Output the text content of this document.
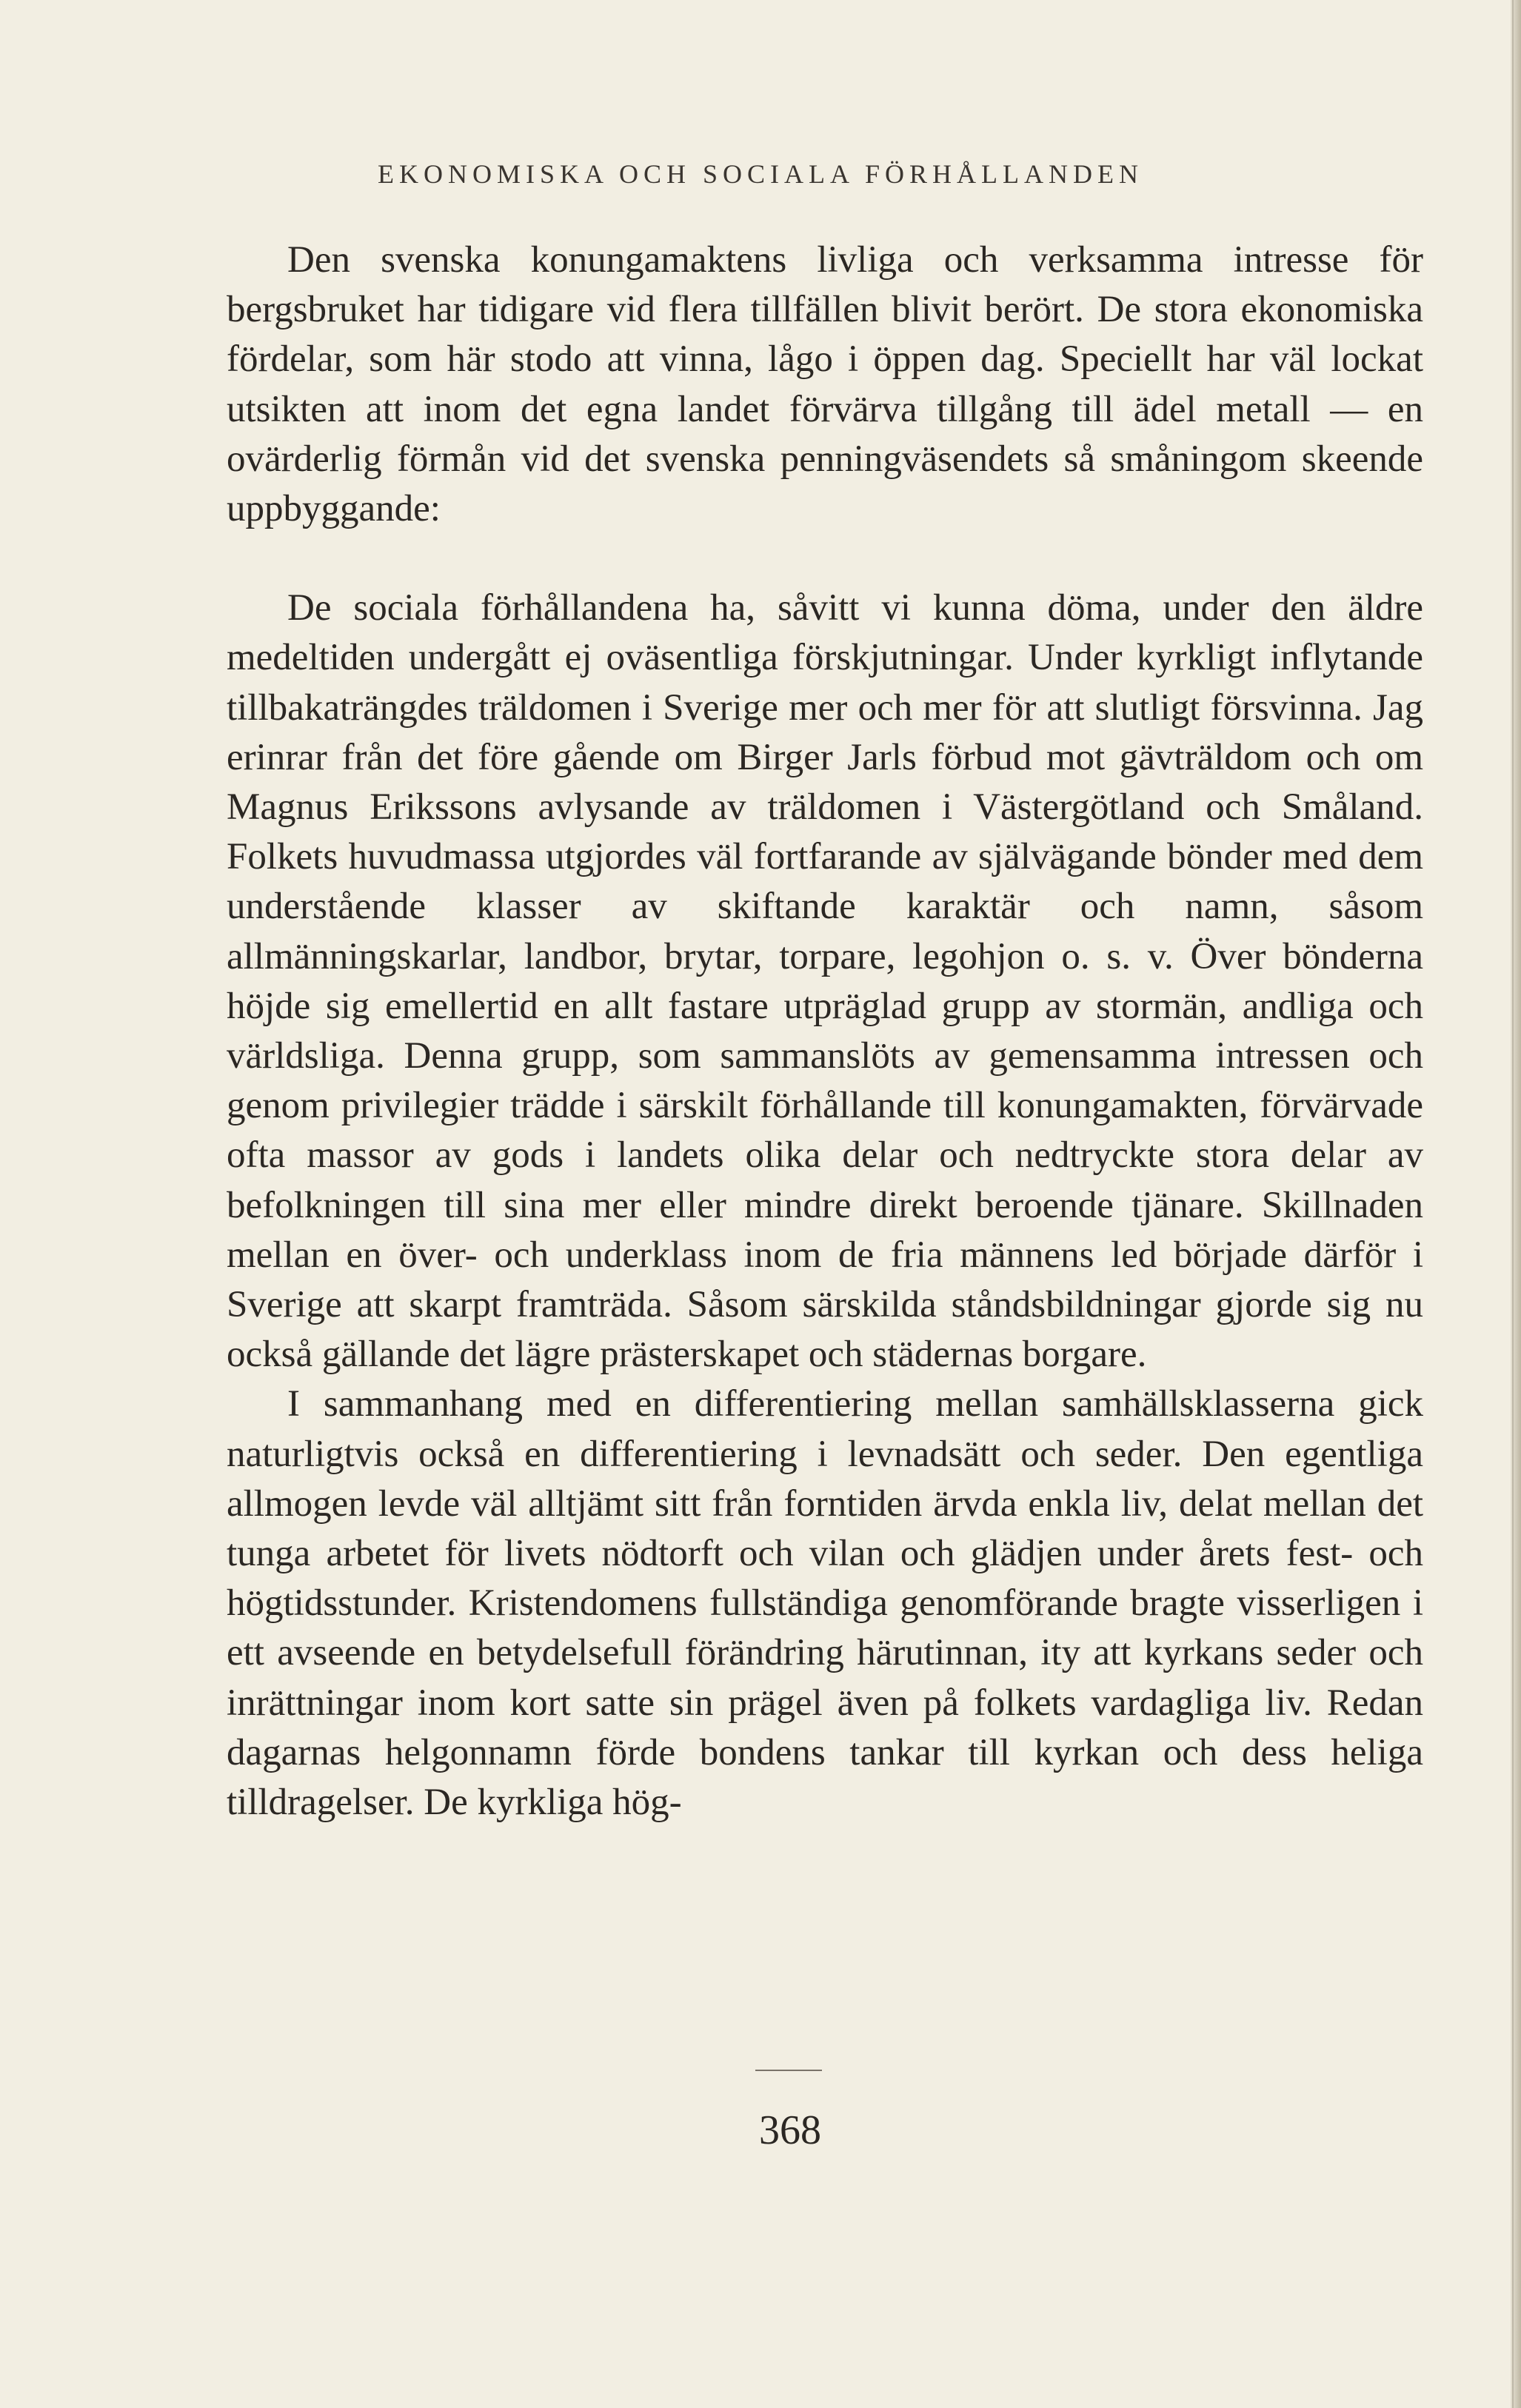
EKONOMISKA OCH SOCIALA FÖRHÅLLANDEN

Den svenska konungamaktens livliga och verksamma intresse för bergsbruket har tidigare vid flera tillfällen blivit berört. De stora ekonomiska fördelar, som här stodo att vinna, lågo i öppen dag. Speciellt har väl lockat utsikten att inom det egna landet förvärva tillgång till ädel metall — en ovärderlig förmån vid det svenska penningväsendets så småningom skeende uppbyggande:

De sociala förhållandena ha, såvitt vi kunna döma, under den äldre medeltiden undergått ej oväsentliga förskjutningar. Under kyrkligt inflytande tillbakaträngdes träldomen i Sverige mer och mer för att slutligt försvinna. Jag erinrar från det före gående om Birger Jarls förbud mot gävträldom och om Magnus Erikssons avlysande av träldomen i Västergötland och Småland. Folkets huvudmassa utgjordes väl fortfarande av självägande bönder med dem understående klasser av skiftande karaktär och namn, såsom allmänningskarlar, landbor, brytar, torpare, legohjon o. s. v. Över bönderna höjde sig emellertid en allt fastare utpräglad grupp av stormän, andliga och världsliga. Denna grupp, som sammanslöts av gemensamma intressen och genom privilegier trädde i särskilt förhållande till konungamakten, förvärvade ofta massor av gods i landets olika delar och nedtryckte stora delar av befolkningen till sina mer eller mindre direkt beroende tjänare. Skillnaden mellan en över- och underklass inom de fria männens led började därför i Sverige att skarpt framträda. Såsom särskilda ståndsbildningar gjorde sig nu också gällande det lägre prästerskapet och städernas borgare.

I sammanhang med en differentiering mellan samhällsklasserna gick naturligtvis också en differentiering i levnadsätt och seder. Den egentliga allmogen levde väl alltjämt sitt från forntiden ärvda enkla liv, delat mellan det tunga arbetet för livets nödtorft och vilan och glädjen under årets fest- och högtidsstunder. Kristendomens fullständiga genomförande bragte visserligen i ett avseende en betydelsefull förändring härutinnan, ity att kyrkans seder och inrättningar inom kort satte sin prägel även på folkets vardagliga liv. Redan dagarnas helgonnamn förde bondens tankar till kyrkan och dess heliga tilldragelser. De kyrkliga hög-

368
